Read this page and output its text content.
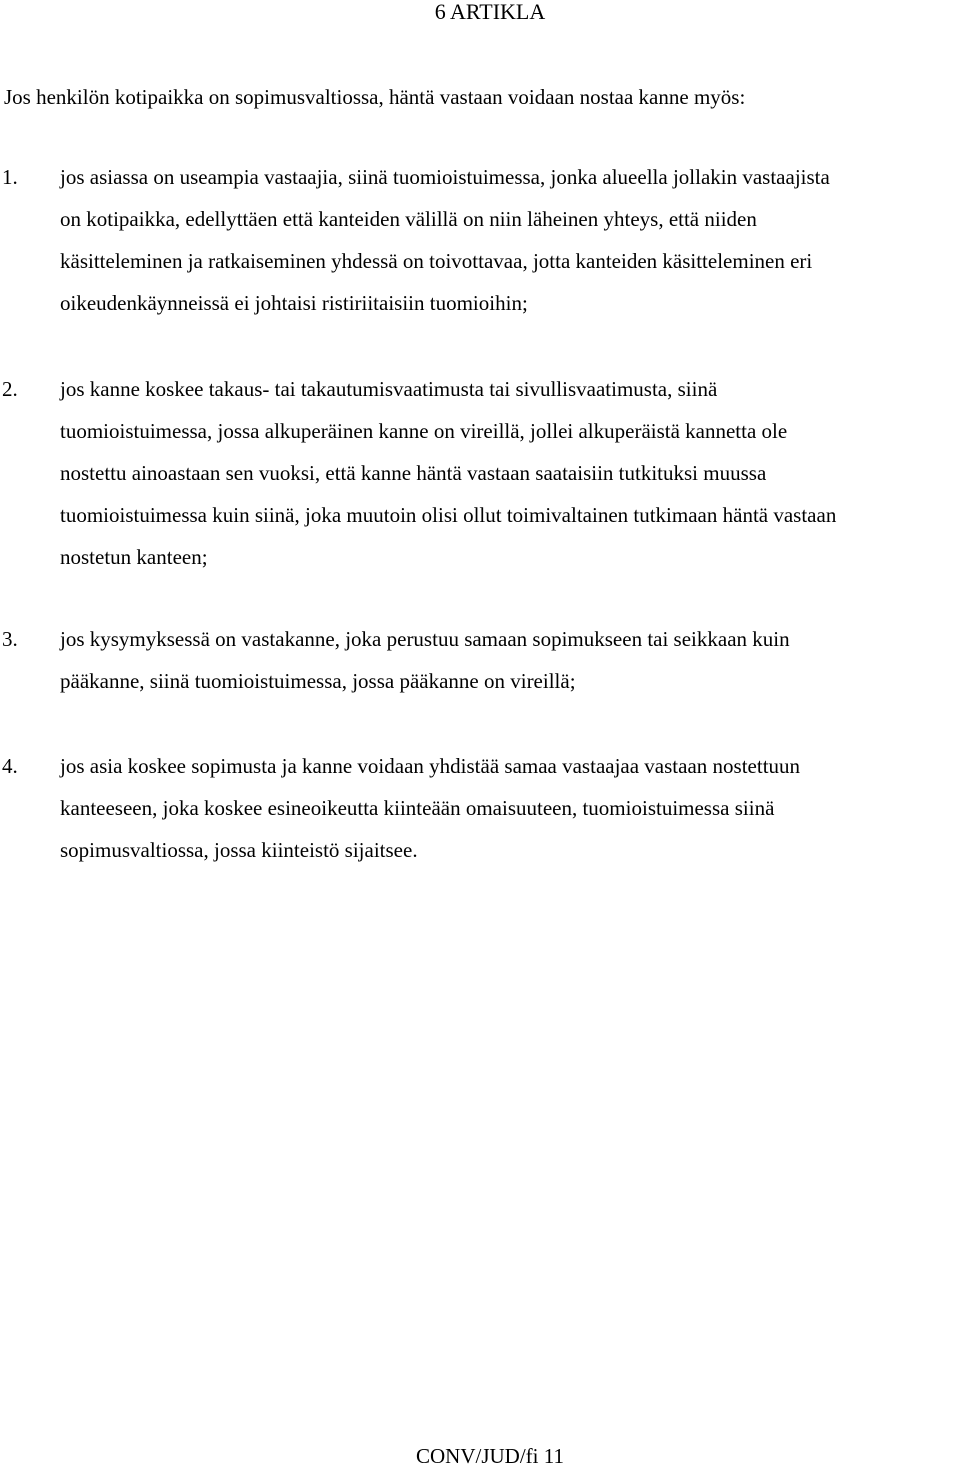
6 ARTIKLA

Jos henkilön kotipaikka on sopimusvaltiossa, häntä vastaan voidaan nostaa kanne myös:

1. jos asiassa on useampia vastaajia, siinä tuomioistuimessa, jonka alueella jollakin vastaajista
on kotipaikka, edellyttäen että kanteiden välillä on niin läheinen yhteys, että niiden
käsitteleminen ja ratkaiseminen yhdessä on toivottavaa, jotta kanteiden käsitteleminen eri
oikeudenkäynneissä ei johtaisi ristiriitaisiin tuomioihin;
2. jos kanne koskee takaus- tai takautumisvaatimusta tai sivullisvaatimusta, siinä
tuomioistuimessa, jossa alkuperäinen kanne on vireillä, jollei alkuperäistä kannetta ole
nostettu ainoastaan sen vuoksi, että kanne häntä vastaan saataisiin tutkituksi muussa
tuomioistuimessa kuin siinä, joka muutoin olisi ollut toimivaltainen tutkimaan häntä vastaan
nostetun kanteen;
3. jos kysymyksessä on vastakanne, joka perustuu samaan sopimukseen tai seikkaan kuin
pääkanne, siinä tuomioistuimessa, jossa pääkanne on vireillä;
4. jos asia koskee sopimusta ja kanne voidaan yhdistää samaa vastaajaa vastaan nostettuun
kanteeseen, joka koskee esineoikeutta kiinteään omaisuuteen, tuomioistuimessa siinä
sopimusvaltiossa, jossa kiinteistö sijaitsee.
CONV/JUD/fi 11
